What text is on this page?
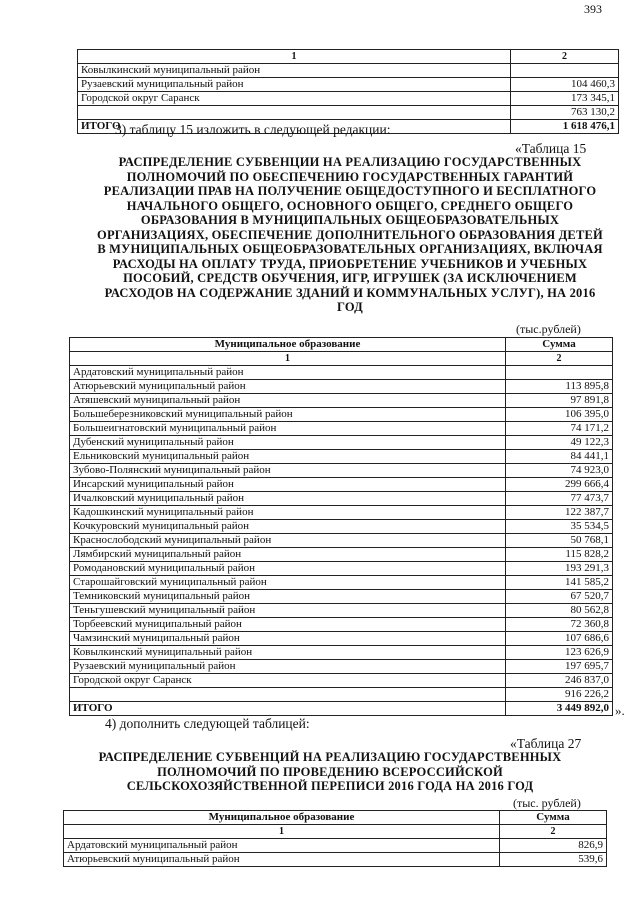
393
1	2
Ковылкинский муниципальный район	
Рузаевский муниципальный район	104 460,3
Городской округ Саранск	173 345,1
	763 130,2
ИТОГО	1 618 476,1
3) таблицу 15 изложить в следующей редакции:
«Таблица 15
РАСПРЕДЕЛЕНИЕ СУБВЕНЦИИ НА РЕАЛИЗАЦИЮ ГОСУДАРСТВЕННЫХ
ПОЛНОМОЧИЙ ПО ОБЕСПЕЧЕНИЮ ГОСУДАРСТВЕННЫХ ГАРАНТИЙ
РЕАЛИЗАЦИИ ПРАВ НА ПОЛУЧЕНИЕ ОБЩЕДОСТУПНОГО И БЕСПЛАТНОГО
НАЧАЛЬНОГО ОБЩЕГО, ОСНОВНОГО ОБЩЕГО, СРЕДНЕГО ОБЩЕГО
ОБРАЗОВАНИЯ В МУНИЦИПАЛЬНЫХ ОБЩЕОБРАЗОВАТЕЛЬНЫХ
ОРГАНИЗАЦИЯХ, ОБЕСПЕЧЕНИЕ ДОПОЛНИТЕЛЬНОГО ОБРАЗОВАНИЯ ДЕТЕЙ
В МУНИЦИПАЛЬНЫХ ОБЩЕОБРАЗОВАТЕЛЬНЫХ ОРГАНИЗАЦИЯХ, ВКЛЮЧАЯ
РАСХОДЫ НА ОПЛАТУ ТРУДА, ПРИОБРЕТЕНИЕ УЧЕБНИКОВ И УЧЕБНЫХ
ПОСОБИЙ, СРЕДСТВ ОБУЧЕНИЯ, ИГР, ИГРУШЕК (ЗА ИСКЛЮЧЕНИЕМ
РАСХОДОВ НА СОДЕРЖАНИЕ ЗДАНИЙ И КОММУНАЛЬНЫХ УСЛУГ), НА 2016
ГОД
(тыс.рублей)
Муниципальное образование	Сумма
1	2
Ардатовский муниципальный район	
Атюрьевский муниципальный район	113 895,8
Атяшевский муниципальный район	97 891,8
Большеберезниковский муниципальный район	106 395,0
Большеигнатовский муниципальный район	74 171,2
Дубенский муниципальный район	49 122,3
Ельниковский муниципальный район	84 441,1
Зубово-Полянский муниципальный район	74 923,0
Инсарский муниципальный район	299 666,4
Ичалковский муниципальный район	77 473,7
Кадошкинский муниципальный район	122 387,7
Кочкуровский муниципальный район	35 534,5
Краснослободский муниципальный район	50 768,1
Лямбирский муниципальный район	115 828,2
Ромодановский муниципальный район	193 291,3
Старошайговский муниципальный район	141 585,2
Темниковский муниципальный район	67 520,7
Теньгушевский муниципальный район	80 562,8
Торбеевский муниципальный район	72 360,8
Чамзинский муниципальный район	107 686,6
Ковылкинский муниципальный район	123 626,9
Рузаевский муниципальный район	197 695,7
Городской округ Саранск	246 837,0
	916 226,2
ИТОГО	3 449 892,0 ».
4) дополнить следующей таблицей:
«Таблица 27
РАСПРЕДЕЛЕНИЕ СУБВЕНЦИЙ НА РЕАЛИЗАЦИЮ ГОСУДАРСТВЕННЫХ
ПОЛНОМОЧИЙ ПО ПРОВЕДЕНИЮ ВСЕРОССИЙСКОЙ
СЕЛЬСКОХОЗЯЙСТВЕННОЙ ПЕРЕПИСИ 2016 ГОДА НА 2016 ГОД
(тыс. рублей)
Муниципальное образование	Сумма
1	2
Ардатовский муниципальный район	826,9
Атюрьевский муниципальный район	539,6
